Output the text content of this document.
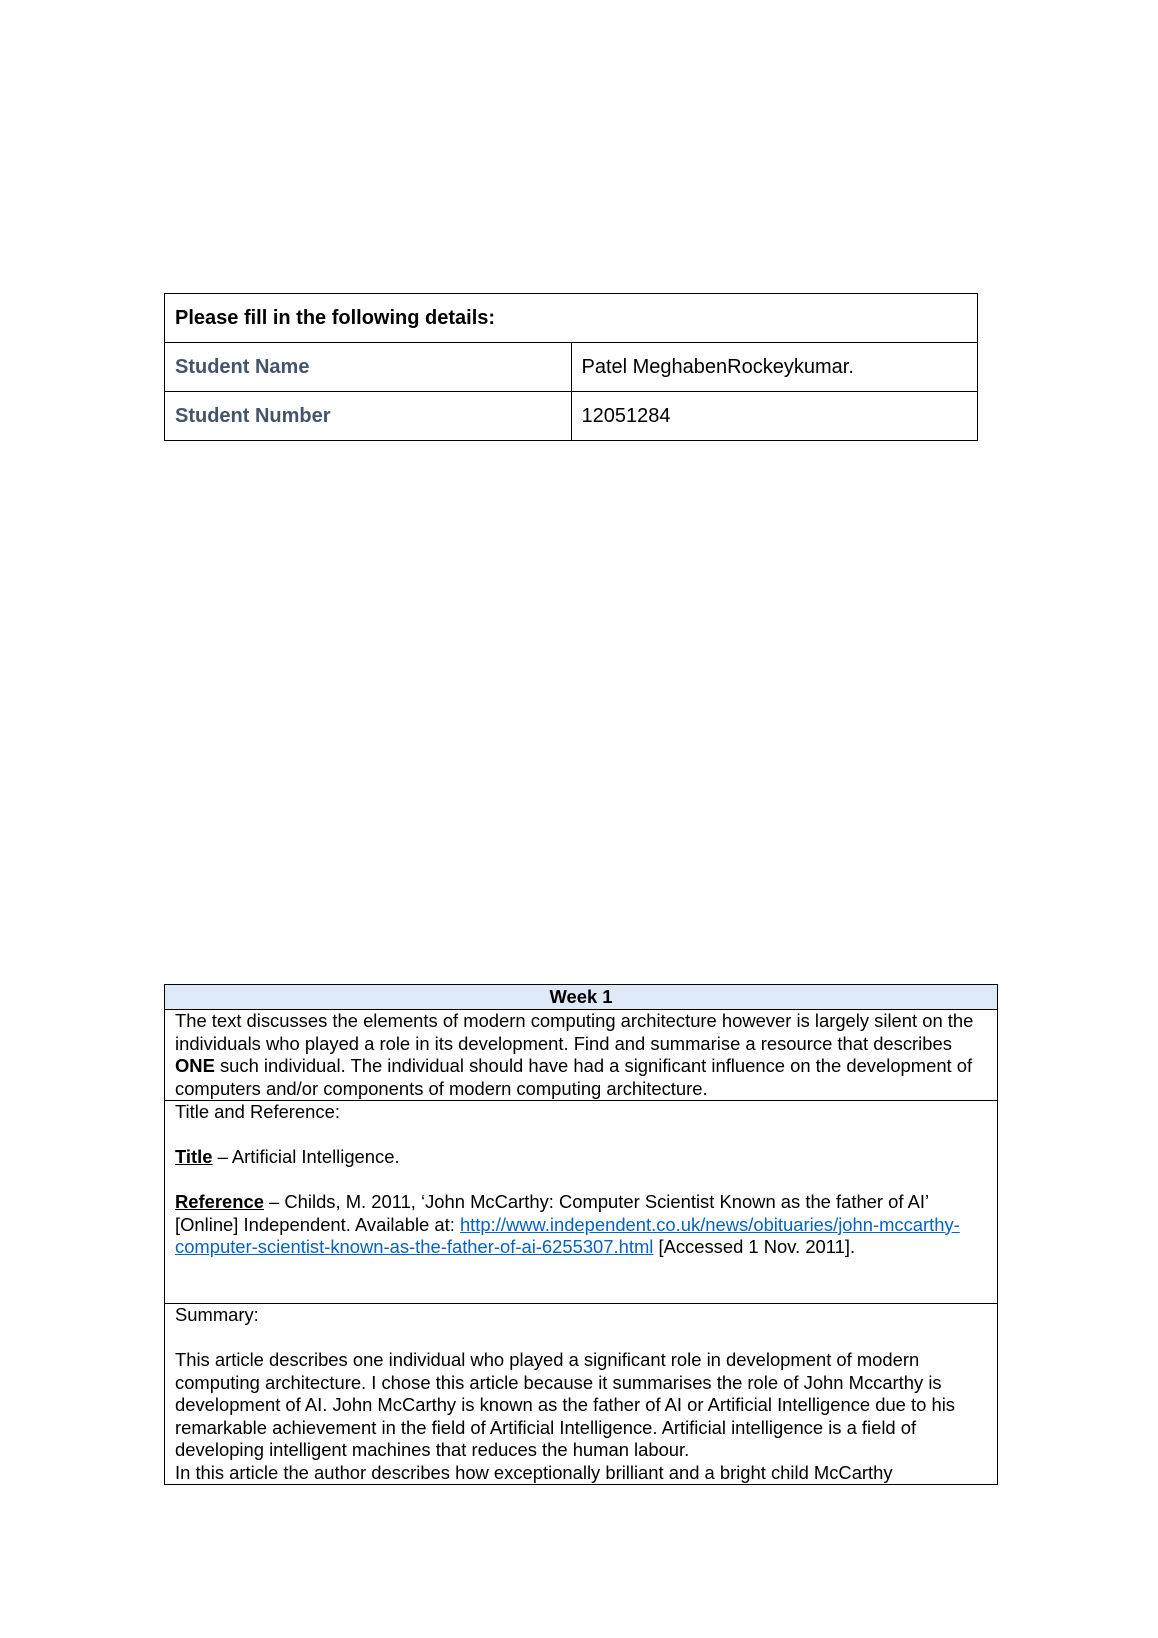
Please fill in the following details:	
Student Name	Patel MeghabenRockeykumar.
Student Number	12051284
Week 1

The text discusses the elements of modern computing architecture however is largely silent on the individuals who played a role in its development. Find and summarise a resource that describes ONE such individual. The individual should have had a significant influence on the development of computers and/or components of modern computing architecture.

Title and Reference:

Title – Artificial Intelligence.

Reference – Childs, M. 2011, ‘John McCarthy: Computer Scientist Known as the father of AI’ [Online] Independent. Available at: http://www.independent.co.uk/news/obituaries/john-mccarthy-computer-scientist-known-as-the-father-of-ai-6255307.html [Accessed 1 Nov. 2011].

Summary:

This article describes one individual who played a significant role in development of modern computing architecture. I chose this article because it summarises the role of John Mccarthy is development of AI. John McCarthy is known as the father of AI or Artificial Intelligence due to his remarkable achievement in the field of Artificial Intelligence. Artificial intelligence is a field of developing intelligent machines that reduces the human labour.

In this article the author describes how exceptionally brilliant and a bright child McCarthy
